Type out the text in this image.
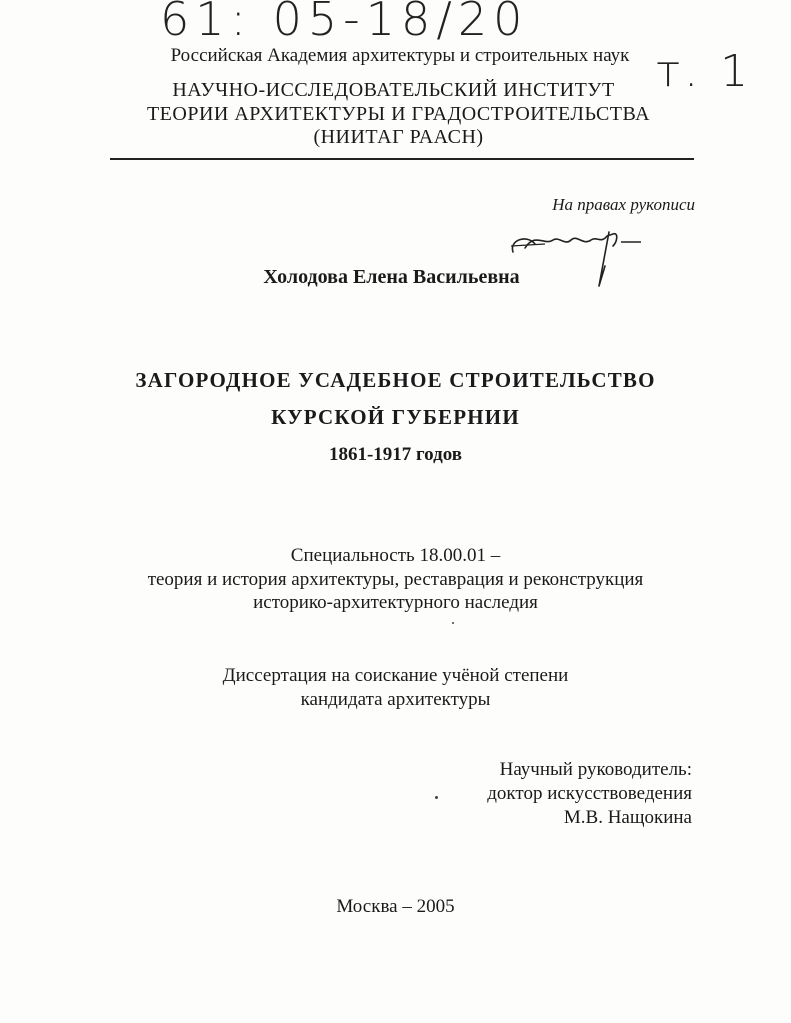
61: 05-18/20
т. 1
Российская Академия архитектуры и строительных наук
НАУЧНО-ИССЛЕДОВАТЕЛЬСКИЙ ИНСТИТУТ
ТЕОРИИ АРХИТЕКТУРЫ И ГРАДОСТРОИТЕЛЬСТВА
(НИИТАГ РААСН)
На правах рукописи
Холодова Елена Васильевна
ЗАГОРОДНОЕ УСАДЕБНОЕ СТРОИТЕЛЬСТВО
КУРСКОЙ ГУБЕРНИИ
1861-1917 годов
Специальность 18.00.01 –
теория и история архитектуры, реставрация и реконструкция
историко-архитектурного наследия
Диссертация на соискание учёной степени
кандидата архитектуры
Научный руководитель:
доктор искусствоведения
М.В. Нащокина
Москва – 2005
